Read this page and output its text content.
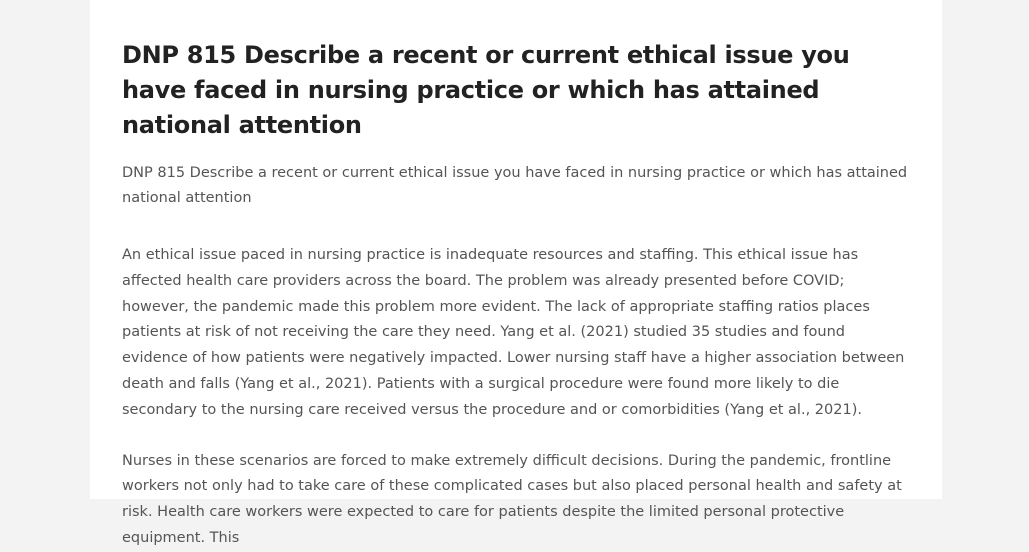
DNP 815 Describe a recent or current ethical issue you have faced in nursing practice or which has attained national attention

DNP 815 Describe a recent or current ethical issue you have faced in nursing practice or which has attained national attention

An ethical issue paced in nursing practice is inadequate resources and staffing. This ethical issue has affected health care providers across the board. The problem was already presented before COVID; however, the pandemic made this problem more evident. The lack of appropriate staffing ratios places patients at risk of not receiving the care they need. Yang et al. (2021) studied 35 studies and found evidence of how patients were negatively impacted. Lower nursing staff have a higher association between death and falls (Yang et al., 2021). Patients with a surgical procedure were found more likely to die secondary to the nursing care received versus the procedure and or comorbidities (Yang et al., 2021).

Nurses in these scenarios are forced to make extremely difficult decisions. During the pandemic, frontline workers not only had to take care of these complicated cases but also placed personal health and safety at risk. Health care workers were expected to care for patients despite the limited personal protective equipment. This
